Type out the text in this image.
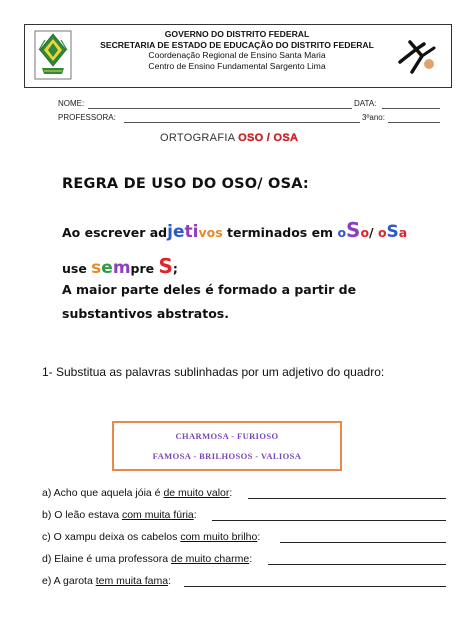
GOVERNO DO DISTRITO FEDERAL
SECRETARIA DE ESTADO DE EDUCAÇÃO DO DISTRITO FEDERAL
Coordenação Regional de Ensino Santa Maria
Centro de Ensino Fundamental Sargento Lima
NOME:	DATA:
PROFESSORA:	3ºano:
ORTOGRAFIA OSO / OSA
REGRA DE USO DO OSO/ OSA:
Ao escrever adjetivos terminados em oSo/ oSa
use sempre S;
A maior parte deles é formado a partir de
substantivos abstratos.
1- Substitua as palavras sublinhadas por um adjetivo do quadro:
CHARMOSA - FURIOSO
FAMOSA - BRILHOSOS - VALIOSA
a) Acho que aquela jóia é de muito valor:
b) O leão estava com muita fúria:
c) O xampu deixa os cabelos com muito brilho:
d) Elaine é uma professora de muito charme:
e) A garota tem muita fama:
